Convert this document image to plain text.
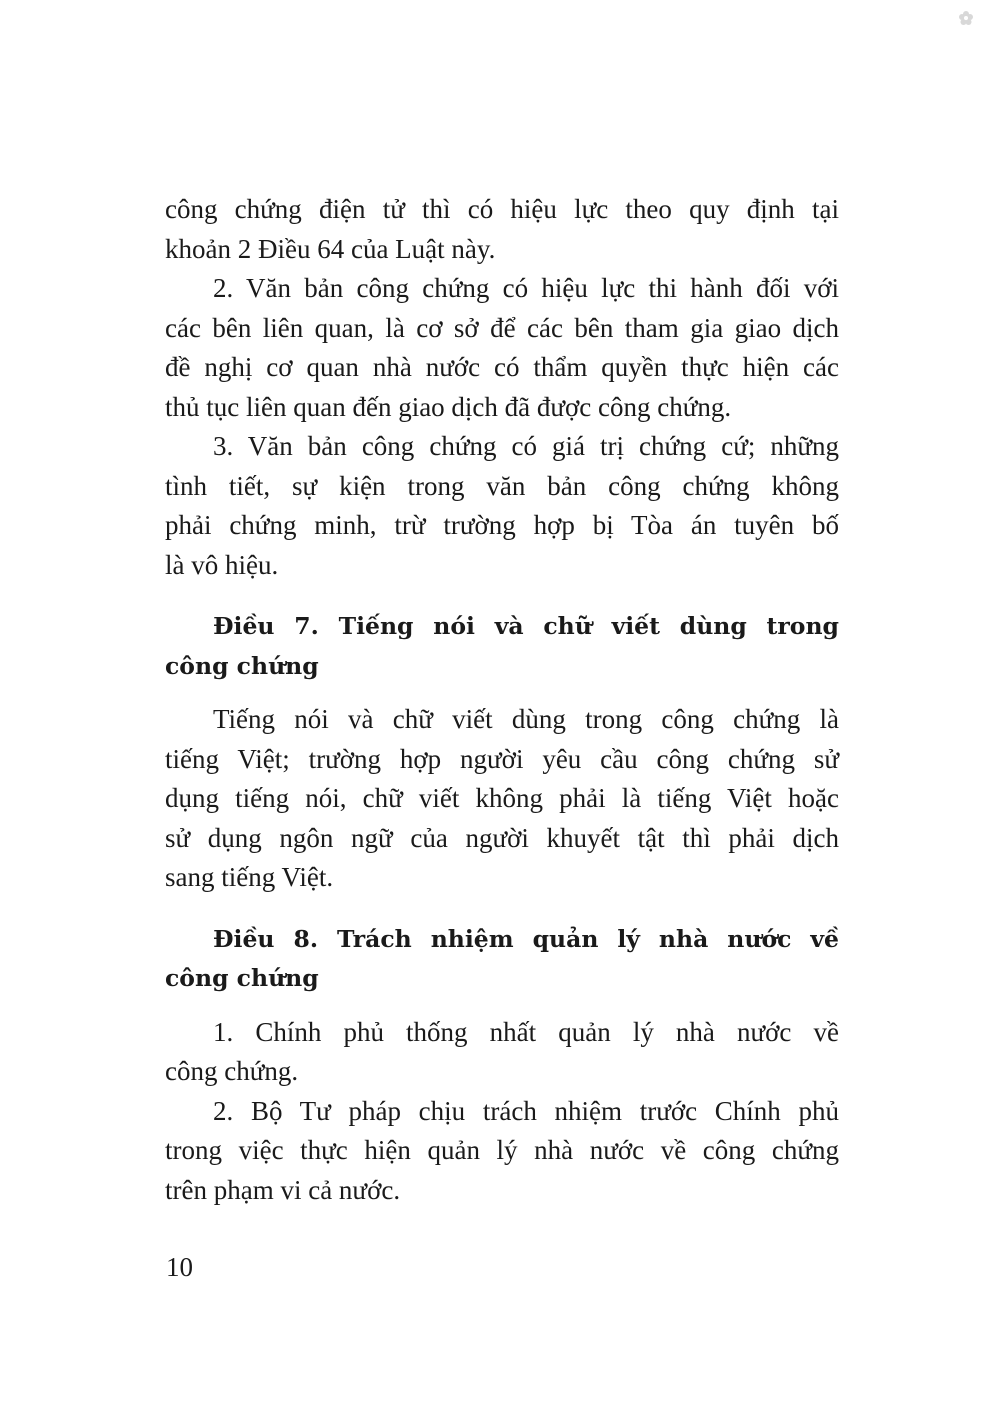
công chứng điện tử thì có hiệu lực theo quy định tại
khoản 2 Điều 64 của Luật này.
2. Văn bản công chứng có hiệu lực thi hành đối với
các bên liên quan, là cơ sở để các bên tham gia giao dịch
đề nghị cơ quan nhà nước có thẩm quyền thực hiện các
thủ tục liên quan đến giao dịch đã được công chứng.
3. Văn bản công chứng có giá trị chứng cứ; những
tình tiết, sự kiện trong văn bản công chứng không
phải chứng minh, trừ trường hợp bị Tòa án tuyên bố
là vô hiệu.
Điều 7. Tiếng nói và chữ viết dùng trong
công chứng
Tiếng nói và chữ viết dùng trong công chứng là
tiếng Việt; trường hợp người yêu cầu công chứng sử
dụng tiếng nói, chữ viết không phải là tiếng Việt hoặc
sử dụng ngôn ngữ của người khuyết tật thì phải dịch
sang tiếng Việt.
Điều 8. Trách nhiệm quản lý nhà nước về
công chứng
1. Chính phủ thống nhất quản lý nhà nước về
công chứng.
2. Bộ Tư pháp chịu trách nhiệm trước Chính phủ
trong việc thực hiện quản lý nhà nước về công chứng
trên phạm vi cả nước.
10
